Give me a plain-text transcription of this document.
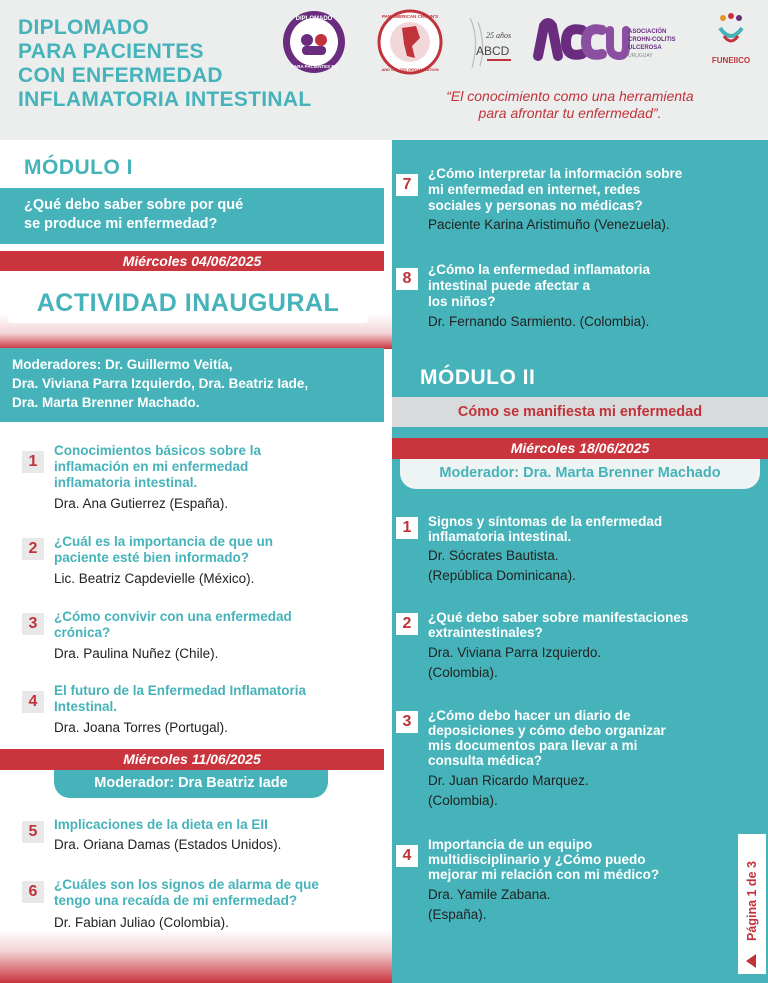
DIPLOMADO
PARA PACIENTES
CON ENFERMEDAD
INFLAMATORIA INTESTINAL
DIPLOMADO
PARA PACIENTES EII
PAN AMERICAN CROHN'S
AND COLITIS ORGANIZATION
25 años
ABCD
ASOCIACIÓN
CROHN-COLITIS
ULCEROSA
URUGUAY	FUNEIICO
“El conocimiento como una herramienta
para afrontar tu enfermedad”.
MÓDULO I
¿Qué debo saber sobre por qué
se produce mi enfermedad?
Miércoles 04/06/2025
ACTIVIDAD INAUGURAL
Moderadores: Dr. Guillermo Veitía,
Dra. Viviana Parra Izquierdo, Dra. Beatriz Iade,
Dra. Marta Brenner Machado.
1
Conocimientos básicos sobre la
inflamación en mi enfermedad
inflamatoria intestinal.
Dra. Ana Gutierrez (España).
2	¿Cuál es la importancia de que un
paciente esté bien informado?
Lic. Beatriz Capdevielle (México).
3	¿Cómo convivir con una enfermedad
crónica?
Dra. Paulina Nuñez (Chile).
4
El futuro de la Enfermedad Inflamatoria
Intestinal.
Dra. Joana Torres (Portugal).
Miércoles 11/06/2025
Moderador: Dra Beatriz Iade
5	Implicaciones de la dieta en la EII
Dra. Oriana Damas (Estados Unidos).
6	¿Cuáles son los signos de alarma de que
tengo una recaída de mi enfermedad?
Dr. Fabian Juliao (Colombia).
7
¿Cómo interpretar la información sobre
mi enfermedad en internet, redes
sociales y personas no médicas?
Paciente Karina Aristimuño (Venezuela).
8
¿Cómo la enfermedad inflamatoria
intestinal puede afectar a
los niños?
Dr. Fernando Sarmiento. (Colombia).
MÓDULO II
Cómo se manifiesta mi enfermedad
Miércoles 18/06/2025
Moderador: Dra. Marta Brenner Machado
1	Signos y síntomas de la enfermedad
inflamatoria intestinal.
Dr. Sócrates Bautista.
(República Dominicana).
2	¿Qué debo saber sobre manifestaciones
extraintestinales?
Dra. Viviana Parra Izquierdo.
(Colombia).
3	¿Cómo debo hacer un diario de
deposiciones y cómo debo organizar
mis documentos para llevar a mi
consulta médica?
Dr. Juan Ricardo Marquez.
(Colombia).
4
Importancia de un equipo
multidisciplinario y ¿Cómo puedo
mejorar mi relación con mi médico?
Dra. Yamile Zabana.
(España).	Página 1 de 3
